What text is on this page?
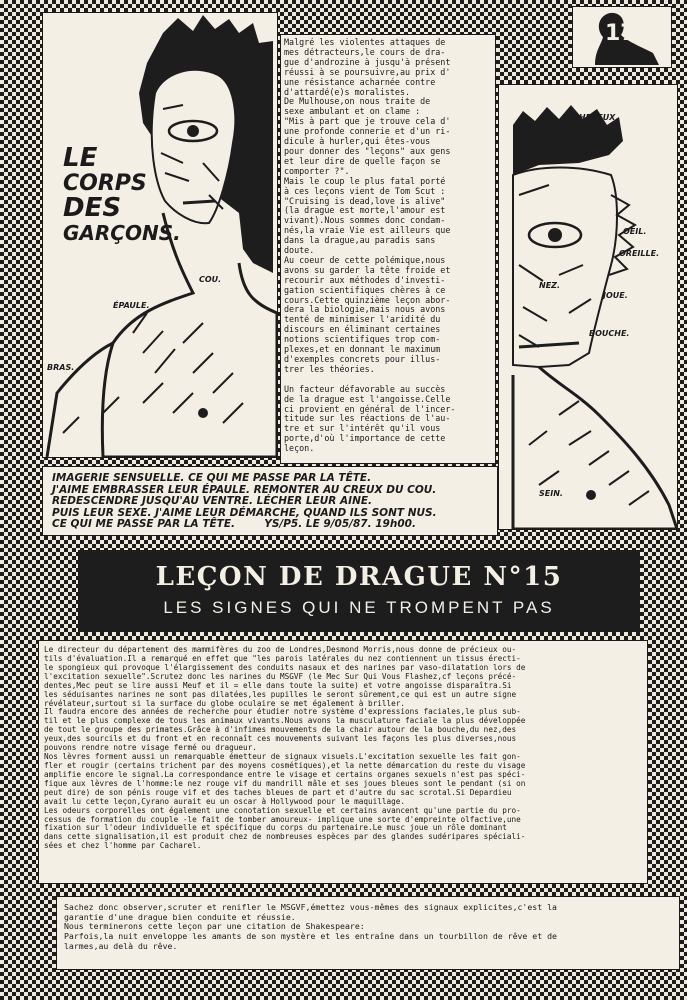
17
LE
CORPS
DES
GARÇONS.
COU.
ÉPAULE.
BRAS.
Malgré les violentes attaques de
mes détracteurs,le cours de dra-
gue d'androzine à jusqu'à présent
réussi à se poursuivre,au prix d'
une résistance acharnée contre
d'attardé(e)s moralistes.
De Mulhouse,on nous traite de
sexe ambulant et on clame :
"Mis à part que je trouve cela d'
une profonde connerie et d'un ri-
dicule à hurler,qui êtes-vous
pour donner des "leçons" aux gens
et leur dire de quelle façon se
comporter ?".
Mais le coup le plus fatal porté
à ces leçons vient de Tom Scut :
"Cruising is dead,love is alive"
(la drague est morte,l'amour est
vivant).Nous sommes donc condam-
nés,la vraie Vie est ailleurs que
dans la drague,au paradis sans
doute.
Au coeur de cette polémique,nous
avons su garder la tête froide et
recourir aux méthodes d'investi-
gation scientifiques chères à ce
cours.Cette quinzième leçon abor-
dera la biologie,mais nous avons
tenté de minimiser l'aridité du
discours en éliminant certaines
notions scientifiques trop com-
plexes,et en donnant le maximum
d'exemples concrets pour illus-
trer les théories.

Un facteur défavorable au succès
de la drague est l'angoisse.Celle
ci provient en général de l'incer-
titude sur les réactions de l'au-
tre et sur l'intérêt qu'il vous
porte,d'où l'importance de cette
leçon.
CHEVEUX.
OEIL.
OREILLE.
NEZ.
JOUE.
BOUCHE.
SEIN.
IMAGERIE SENSUELLE. CE QUI ME PASSE PAR LA TÊTE.
J'AIME EMBRASSER LEUR ÉPAULE. REMONTER AU CREUX DU COU.
REDESCENDRE JUSQU'AU VENTRE. LÉCHER LEUR AINE.
PUIS LEUR SEXE. J'AIME LEUR DÉMARCHE, QUAND ILS SONT NUS.
CE QUI ME PASSE PAR LA TÊTE.        YS/P5. LE 9/05/87. 19h00.
LEÇON DE DRAGUE N°15
LES SIGNES QUI NE TROMPENT PAS
Le directeur du département des mammifères du zoo de Londres,Desmond Morris,nous donne de précieux ou-
tils d'évaluation.Il a remarqué en effet que "les parois latérales du nez contiennent un tissus érecti-
le spongieux qui provoque l'élargissement des conduits nasaux et des narines par vaso-dilatation lors de
l'excitation sexuelle".Scrutez donc les narines du MSGVF (le Mec Sur Qui Vous Flashez,cf leçons précé-
dentes,Mec peut se lire aussi Meuf et il = elle dans toute la suite) et votre angoisse disparaîtra.Si
les séduisantes narines ne sont pas dilatées,les pupilles le seront sûrement,ce qui est un autre signe
révélateur,surtout si la surface du globe oculaire se met également à briller.
Il faudra encore des années de recherche pour étudier notre système d'expressions faciales,le plus sub-
til et le plus complexe de tous les animaux vivants.Nous avons la musculature faciale la plus développée
de tout le groupe des primates.Grâce à d'infimes mouvements de la chair autour de la bouche,du nez,des
yeux,des sourcils et du front et en reconnaît ces mouvements suivant les façons les plus diverses,nous
pouvons rendre notre visage fermé ou dragueur.
Nos lèvres forment aussi un remarquable émetteur de signaux visuels.L'excitation sexuelle les fait gon-
fler et rougir (certains trichent par des moyens cosmétiques),et la nette démarcation du reste du visage
amplifie encore le signal.La correspondance entre le visage et certains organes sexuels n'est pas spéci-
fique aux lèvres de l'homme:le nez rouge vif du mandrill mâle et ses joues bleues sont le pendant (si on
peut dire) de son pénis rouge vif et des taches bleues de part et d'autre du sac scrotal.Si Depardieu
avait lu cette leçon,Cyrano aurait eu un oscar à Hollywood pour le maquillage.
Les odeurs corporelles ont également une conotation sexuelle et certains avancent qu'une partie du pro-
cessus de formation du couple -le fait de tomber amoureux- implique une sorte d'empreinte olfactive,une
fixation sur l'odeur individuelle et spécifique du corps du partenaire.Le musc joue un rôle dominant
dans cette signalisation,il est produit chez de nombreuses espèces par des glandes sudéripares spéciali-
sées et chez l'homme par Cacharel.
Sachez donc observer,scruter et renifler le MSGVF,émettez vous-mêmes des signaux explicites,c'est la
garantie d'une drague bien conduite et réussie.
Nous terminerons cette leçon par une citation de Shakespeare:
Parfois,la nuit enveloppe les amants de son mystère et les entraîne dans un tourbillon de rêve et de
larmes,au delà du rêve.
